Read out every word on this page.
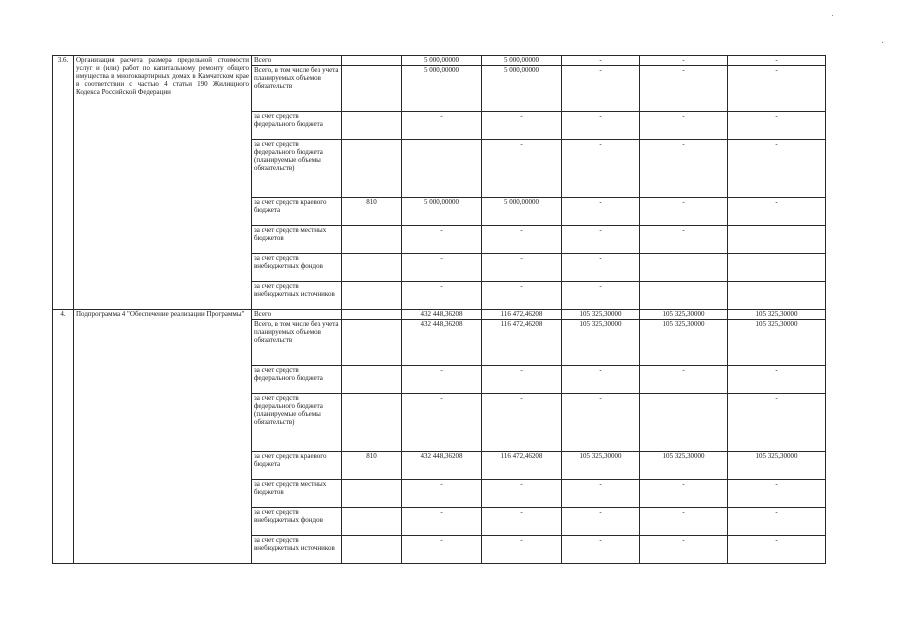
3.6.	Организация расчета размера предельной стоимости услуг и (или) работ по капитальному ремонту общего имущества в многоквартирных домах в Камчатском крае в соответствии с частью 4 статьи 190 Жилищного Кодекса Российской Федерации	Всего		5 000,00000	5 000,00000	-	-	-
		Всего, в том числе без учета планируемых объемов обязательств		5 000,00000	5 000,00000	-	-	-
		за счет средств федерального бюджета		-	-	-	-	-
		за счет средств федерального бюджета (планируемые объемы обязательств)			-	-	-	-
		за счет средств краевого бюджета	810	5 000,00000	5 000,00000	-	-	-
		за счет средств местных бюджетов		-	-	-	-	
		за счет средств внебюджетных фондов		-	-	-		
		за счет средств внебюджетных источников		-	-	-		
4.	Подпрограмма 4 "Обеспечение реализации Программы"	Всего		432 448,36208	116 472,46208	105 325,30000	105 325,30000	105 325,30000
		Всего, в том числе без учета планируемых объемов обязательств		432 448,36208	116 472,46208	105 325,30000	105 325,30000	105 325,30000
		за счет средств федерального бюджета		-	-	-	-	-
		за счет средств федерального бюджета (планируемые объемы обязательств)		-	-	-		-
		за счет средств краевого бюджета	810	432 448,36208	116 472,46208	105 325,30000	105 325,30000	105 325,30000
		за счет средств местных бюджетов		-	-	-	-	-
		за счет средств внебюджетных фондов		-	-	-	-	-
		за счет средств внебюджетных источников		-	-	-	-	-
